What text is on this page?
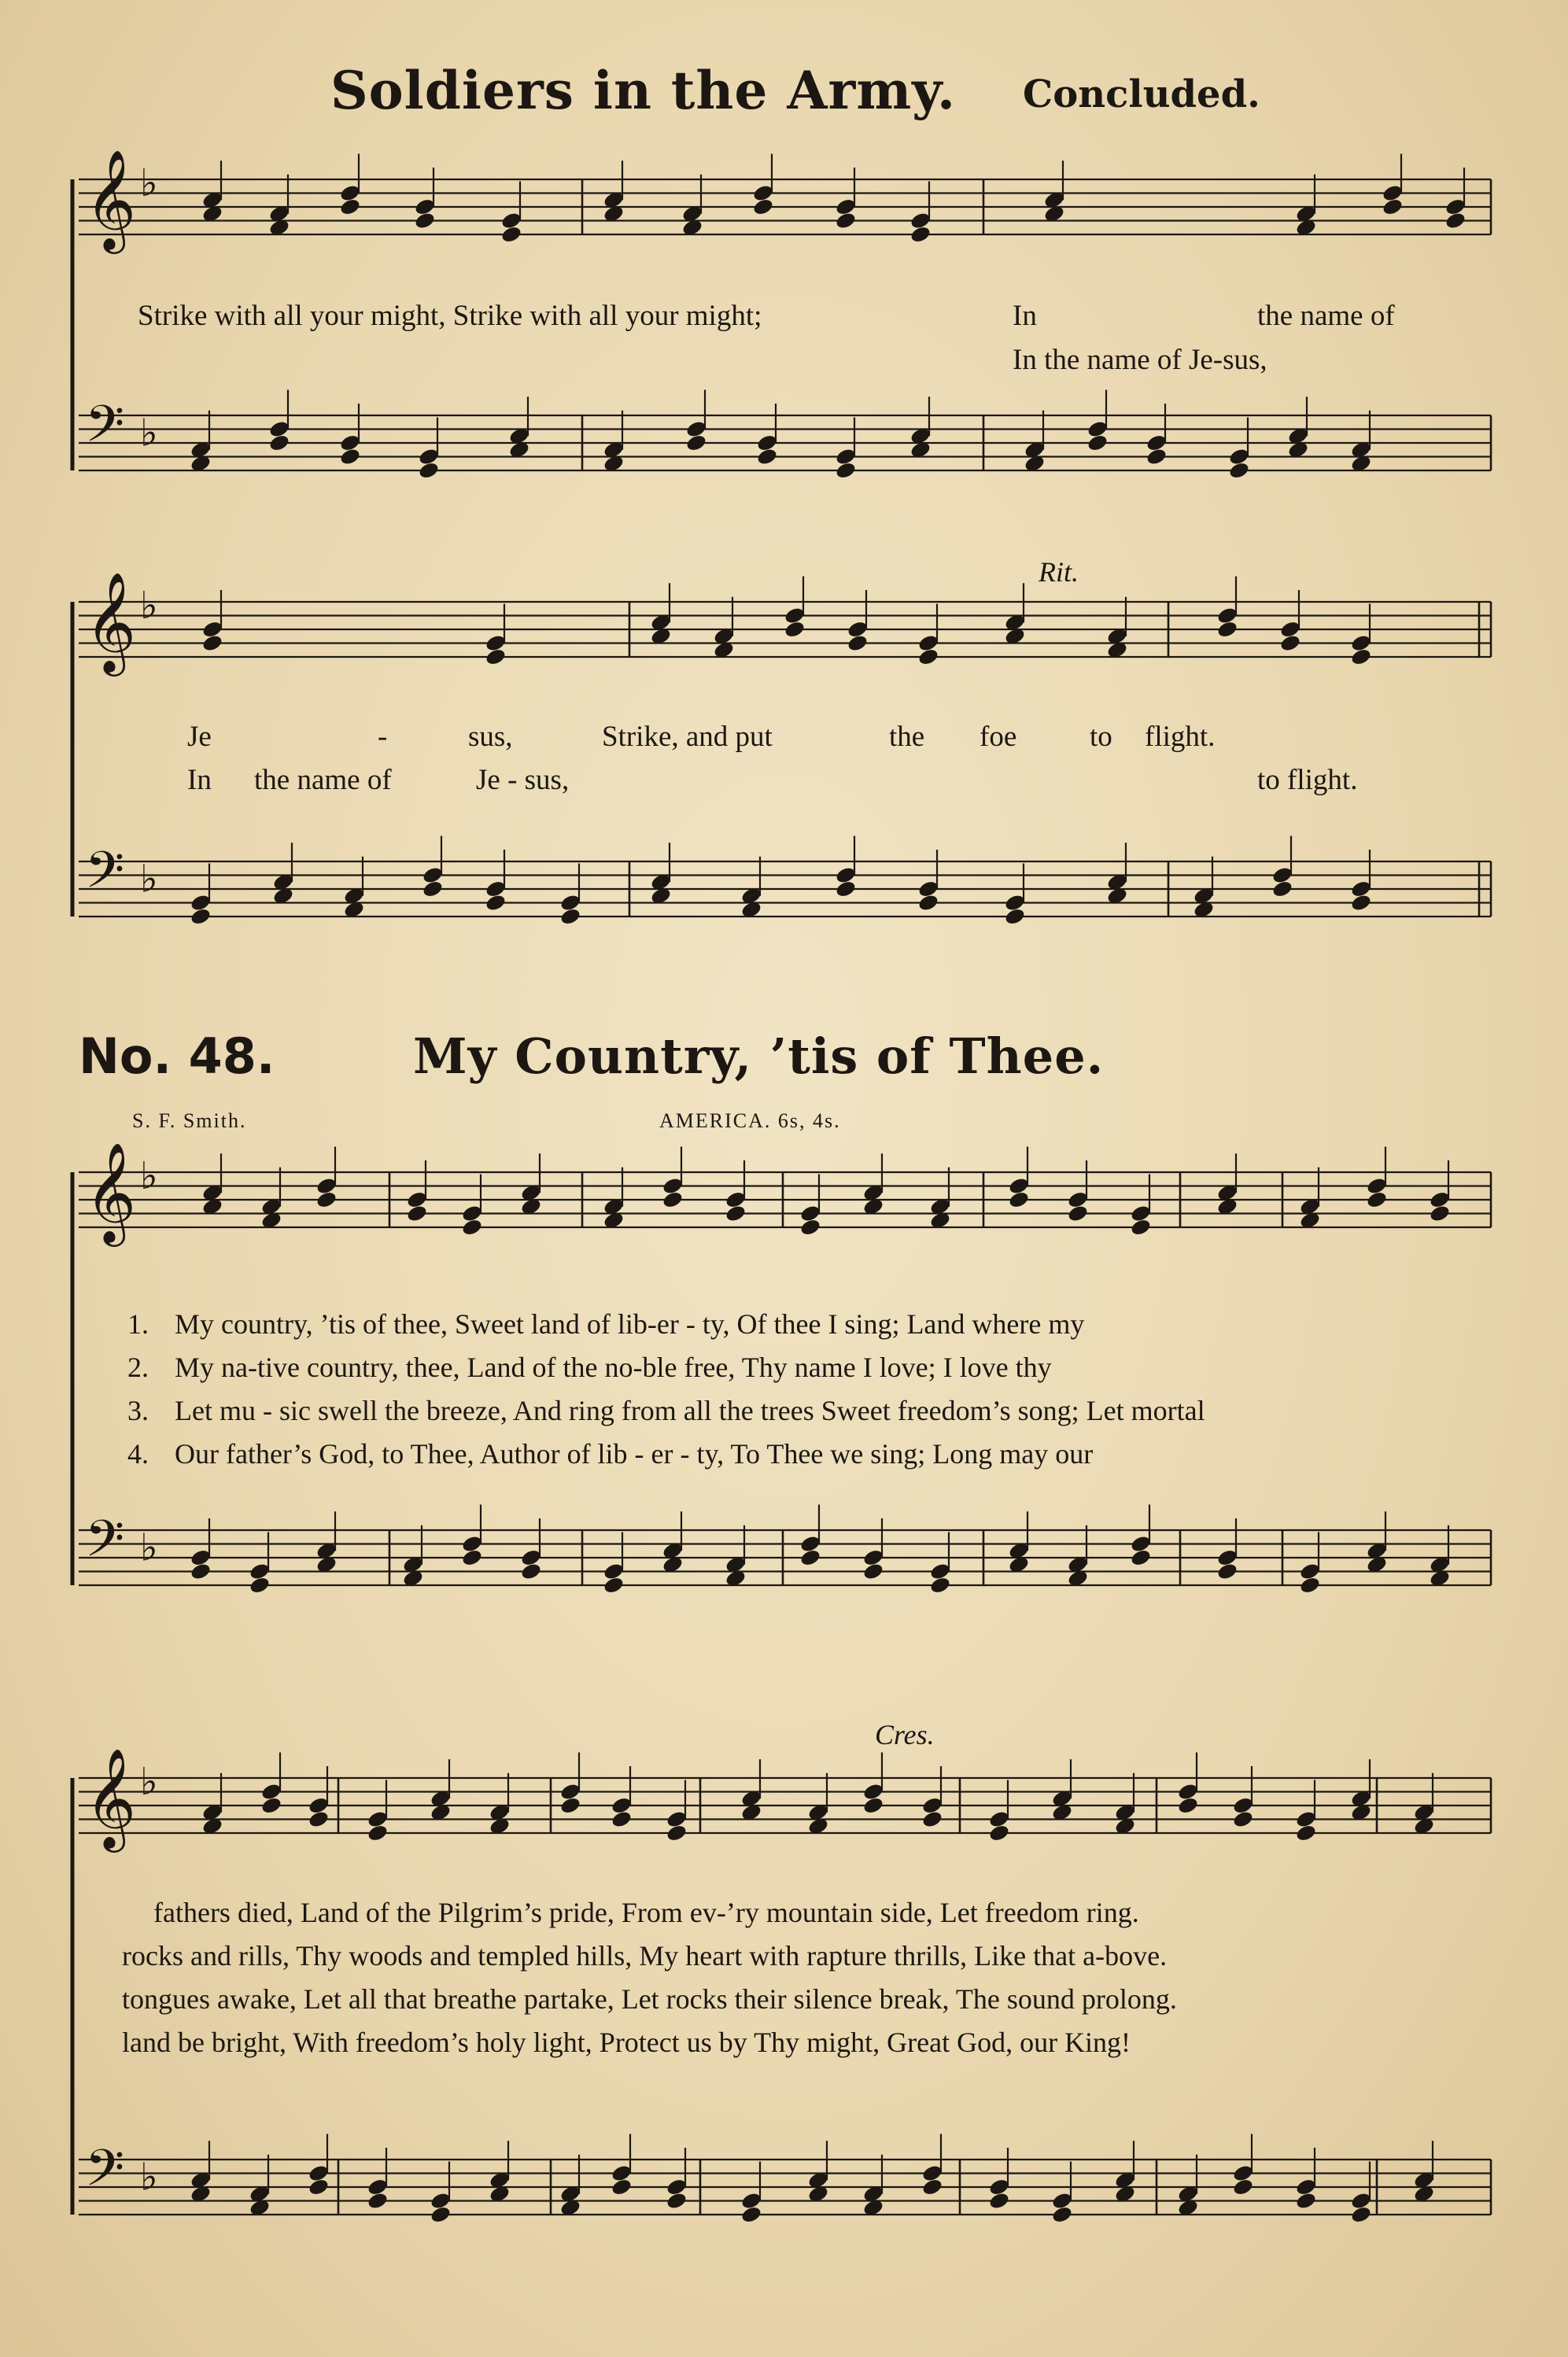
Soldiers in the Army. Concluded.
Strike with all your might, Strike with all your might;	In	the name of
In the name of Je-sus,
Rit.
Je	-	sus,	Strike, and put	the foe	to flight.
In the name of	Je - sus,	to flight.
No. 48.	My Country, ’tis of Thee.
S. F. Smith.	AMERICA. 6s, 4s.
1. My country, ’tis of thee, Sweet land of lib-er - ty, Of thee I sing; Land where my
2. My na-tive country, thee, Land of the no-ble free, Thy name I love; I love thy
3. Let mu - sic swell the breeze, And ring from all the trees Sweet freedom’s song; Let mortal
4. Our father’s God, to Thee, Author of lib - er - ty, To Thee we sing; Long may our
Cres.
fathers died, Land of the Pilgrim’s pride, From ev-’ry mountain side, Let freedom ring.
rocks and rills, Thy woods and templed hills, My heart with rapture thrills, Like that a-bove.
tongues awake, Let all that breathe partake, Let rocks their silence break, The sound prolong.
land be bright, With freedom’s holy light, Protect us by Thy might, Great God, our King!
𝄞 ♭
𝄢 ♭
𝄞 ♭
𝄢 ♭
𝄞 ♭
𝄢 ♭
𝄞 ♭
𝄢 ♭
